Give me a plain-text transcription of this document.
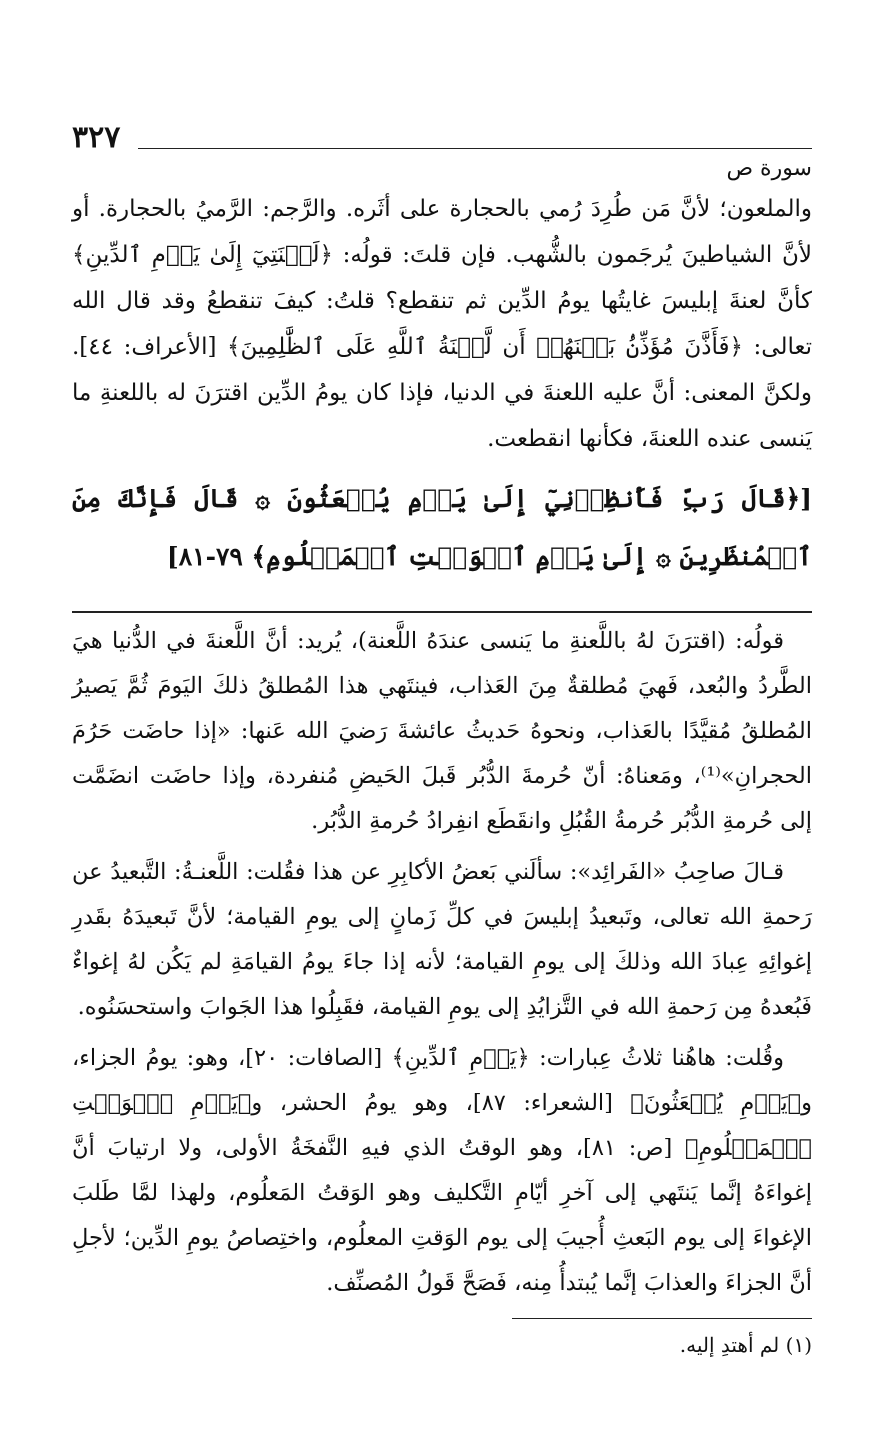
٣٢٧
سورة ص

والملعون؛ لأنَّ مَن طُرِدَ رُمي بالحجارة على أثَره. والرَّجم: الرَّميُ بالحجارة. أو لأنَّ الشياطينَ يُرجَمون بالشُّهب. فإن قلتَ: قولُه: ﴿لَعۡنَتِيٓ إِلَىٰ يَوۡمِ ٱلدِّينِ﴾ كأنَّ لعنةَ إبليسَ غايتُها يومُ الدِّين ثم تنقطع؟ قلتُ: كيفَ تنقطعُ وقد قال الله تعالى: ﴿فَأَذَّنَ مُؤَذِّنُۢ بَيۡنَهُمۡ أَن لَّعۡنَةُ ٱللَّهِ عَلَى ٱلظَّٰلِمِينَ﴾ [الأعراف: ٤٤]. ولكنَّ المعنى: أنَّ عليه اللعنةَ في الدنيا، فإذا كان يومُ الدِّين اقترَنَ له باللعنةِ ما يَنسى عنده اللعنةَ، فكأنها انقطعت.

[﴿قَالَ رَبِّ فَأَنظِرۡنِيٓ إِلَىٰ يَوۡمِ يُبۡعَثُونَ ۞ قَالَ فَإِنَّكَ مِنَ ٱلۡمُنظَرِينَ ۞ إِلَىٰ يَوۡمِ ٱلۡوَقۡتِ ٱلۡمَعۡلُومِ﴾ ٧٩-٨١]

قولُه: (اقترَنَ لهُ باللَّعنةِ ما يَنسى عندَهُ اللَّعنة)، يُريد: أنَّ اللَّعنةَ في الدُّنيا هيَ الطَّردُ والبُعد، فَهيَ مُطلقةٌ مِنَ العَذاب، فينتَهي هذا المُطلقُ ذلكَ اليَومَ ثُمَّ يَصيرُ المُطلقُ مُقيَّدًا بالعَذاب، ونحوهُ حَديثُ عائشةَ رَضيَ الله عَنها: «إذا حاضَت حَرُمَ الحجرانِ»⁽¹⁾، ومَعناهُ: أنّ حُرمةَ الدُّبُر قَبلَ الحَيضِ مُنفردة، وإذا حاضَت انضَمَّت إلى حُرمةِ الدُّبُر حُرمةُ القُبُلِ وانقَطَع انفِرادُ حُرمةِ الدُّبُر.

قـالَ صاحِبُ «الفَرائِد»: سألَني بَعضُ الأكابِرِ عن هذا فقُلت: اللَّعنـةُ: التَّبعيدُ عن رَحمةِ الله تعالى، وتَبعيدُ إبليسَ في كلِّ زَمانٍ إلى يومِ القيامة؛ لأنَّ تَبعيدَهُ بقَدرِ إغوائِهِ عِبادَ الله وذلكَ إلى يومِ القيامة؛ لأنه إذا جاءَ يومُ القيامَةِ لم يَكُن لهُ إغواءٌ فَبُعدهُ مِن رَحمةِ الله في التَّزايُدِ إلى يومِ القيامة، فقَبِلُوا هذا الجَوابَ واستحسَنُوه.

وقُلت: هاهُنا ثلاثُ عِبارات: ﴿يَوۡمِ ٱلدِّينِ﴾ [الصافات: ٢٠]، وهو: يومُ الجزاء، و﴿يَوۡمِ يُبۡعَثُونَ﴾ [الشعراء: ٨٧]، وهو يومُ الحشر، و﴿يَوۡمِ ٱلۡوَقۡتِ ٱلۡمَعۡلُومِ﴾ [ص: ٨١]، وهو الوقتُ الذي فيهِ النَّفخَةُ الأولى، ولا ارتيابَ أنَّ إغواءَهُ إنَّما يَنتَهي إلى آخرِ أيّامِ التَّكليف وهو الوَقتُ المَعلُوم، ولهذا لمَّا طَلبَ الإغواءَ إلى يوم البَعثِ أُجيبَ إلى يوم الوَقتِ المعلُوم، واختِصاصُ يومِ الدِّين؛ لأجلِ أنَّ الجزاءَ والعذابَ إنَّما يُبتدأُ مِنه، فَصَحَّ قَولُ المُصنِّف.

(١) لم أهتدِ إليه.
